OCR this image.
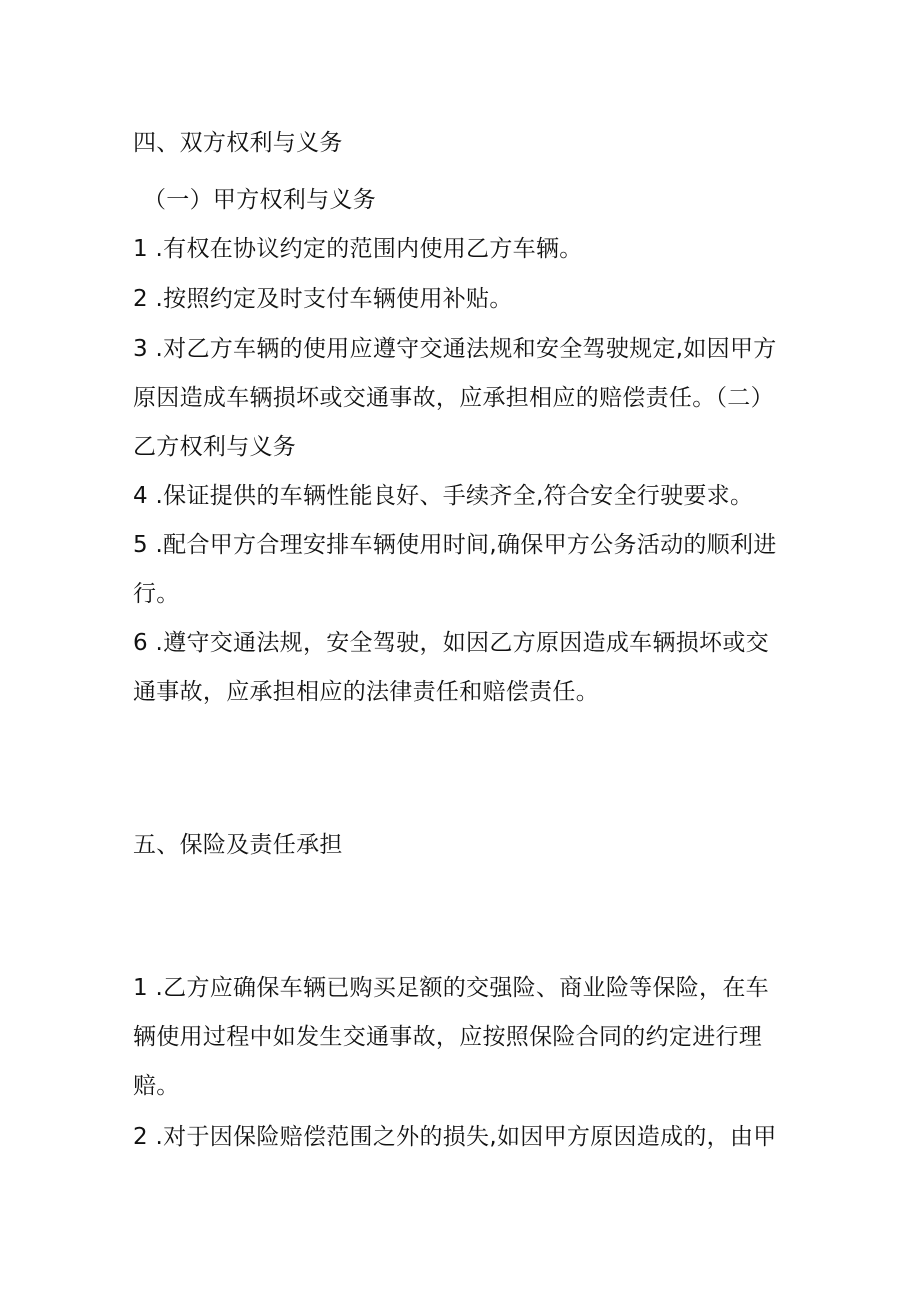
四、双方权利与义务
（一）甲方权利与义务
1 .有权在协议约定的范围内使用乙方车辆。
2 .按照约定及时支付车辆使用补贴。
3 .对乙方车辆的使用应遵守交通法规和安全驾驶规定,如因甲方
原因造成车辆损坏或交通事故，应承担相应的赔偿责任。（二）
乙方权利与义务
4 .保证提供的车辆性能良好、手续齐全,符合安全行驶要求。
5 .配合甲方合理安排车辆使用时间,确保甲方公务活动的顺利进
行。
6 .遵守交通法规，安全驾驶，如因乙方原因造成车辆损坏或交
通事故，应承担相应的法律责任和赔偿责任。
五、保险及责任承担
1 .乙方应确保车辆已购买足额的交强险、商业险等保险，在车
辆使用过程中如发生交通事故，应按照保险合同的约定进行理
赔。
2 .对于因保险赔偿范围之外的损失,如因甲方原因造成的，由甲
